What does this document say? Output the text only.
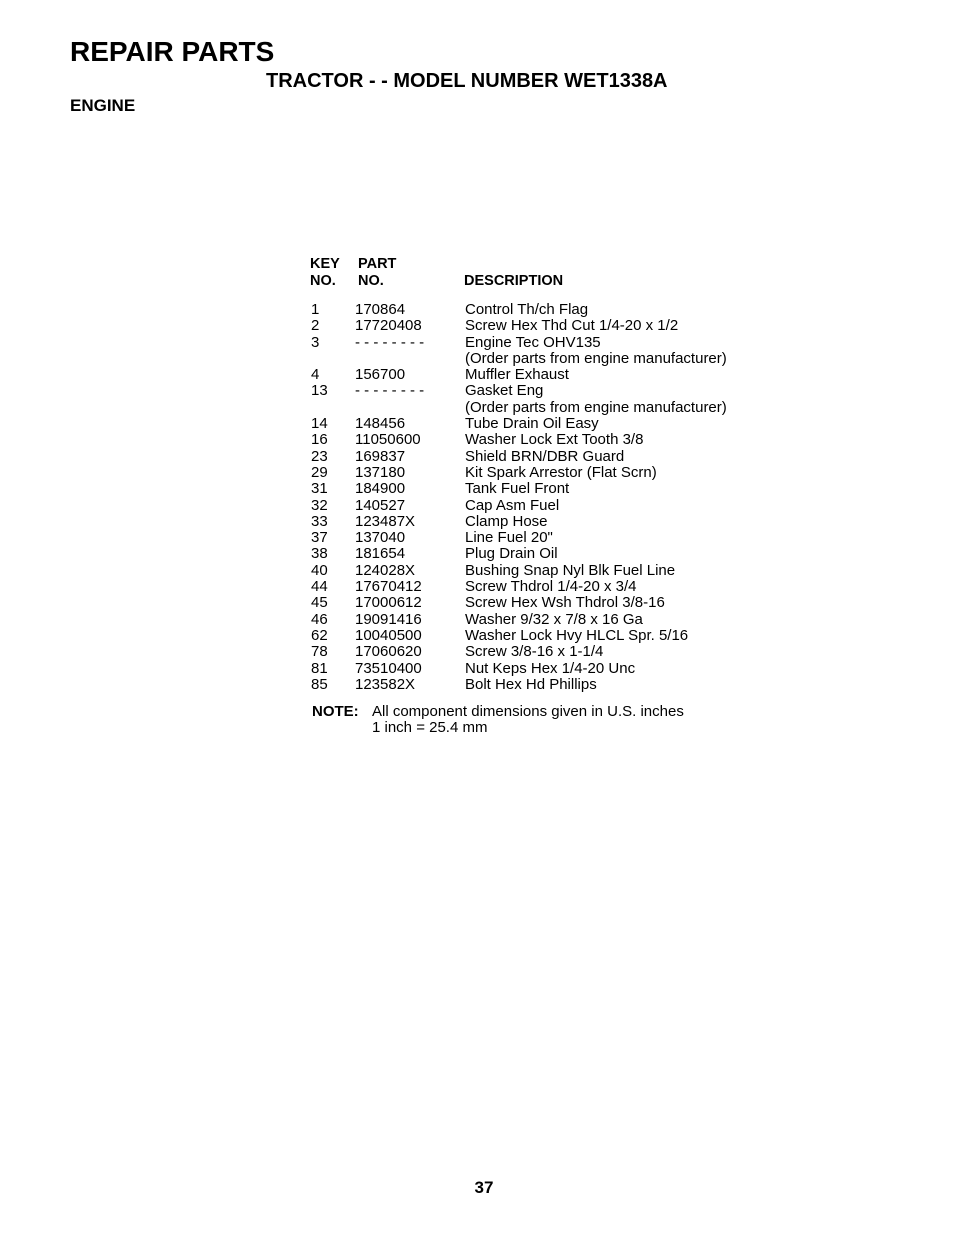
REPAIR PARTS
TRACTOR - - MODEL NUMBER WET1338A
ENGINE
KEY
NO.
PART
NO.	DESCRIPTION
1 170864	Control Th/ch Flag
2 17720408	Screw Hex Thd Cut 1/4-20 x 1/2
3 - - - - - - - -	Engine Tec OHV135
(Order parts from engine manufacturer)
4 156700	Muffler Exhaust
13 - - - - - - - -	Gasket Eng
(Order parts from engine manufacturer)
14 148456	Tube Drain Oil Easy
16 11050600	Washer Lock Ext Tooth 3/8
23 169837	Shield BRN/DBR Guard
29 137180	Kit Spark Arrestor (Flat Scrn)
31 184900	Tank Fuel Front
32 140527	Cap Asm Fuel
33 123487X	Clamp Hose
37 137040	Line Fuel 20"
38 181654	Plug Drain Oil
40 124028X	Bushing Snap Nyl Blk Fuel Line
44 17670412	Screw Thdrol 1/4-20 x 3/4
45 17000612	Screw Hex Wsh Thdrol 3/8-16
46 19091416	Washer 9/32 x 7/8 x 16 Ga
62 10040500	Washer Lock Hvy HLCL Spr. 5/16
78 17060620	Screw 3/8-16 x 1-1/4
81 73510400	Nut Keps Hex 1/4-20 Unc
85 123582X	Bolt Hex Hd Phillips
NOTE: All component dimensions given in U.S. inches
1 inch = 25.4 mm
37
